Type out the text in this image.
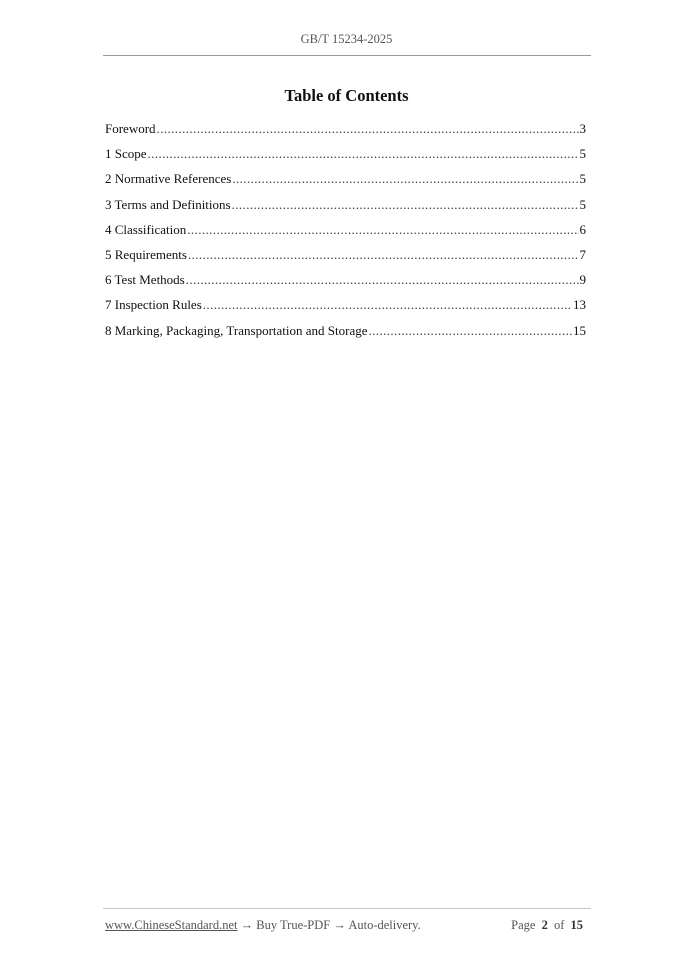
GB/T 15234-2025
Table of Contents
Foreword .....	3
1 Scope .....	5
2 Normative References .....	5
3 Terms and Definitions .....	5
4 Classification .....	6
5 Requirements .....	7
6 Test Methods .....	9
7 Inspection Rules .....	13
8 Marking, Packaging, Transportation and Storage .....	15
www.ChineseStandard.net → Buy True-PDF → Auto-delivery.	Page 2 of 15
